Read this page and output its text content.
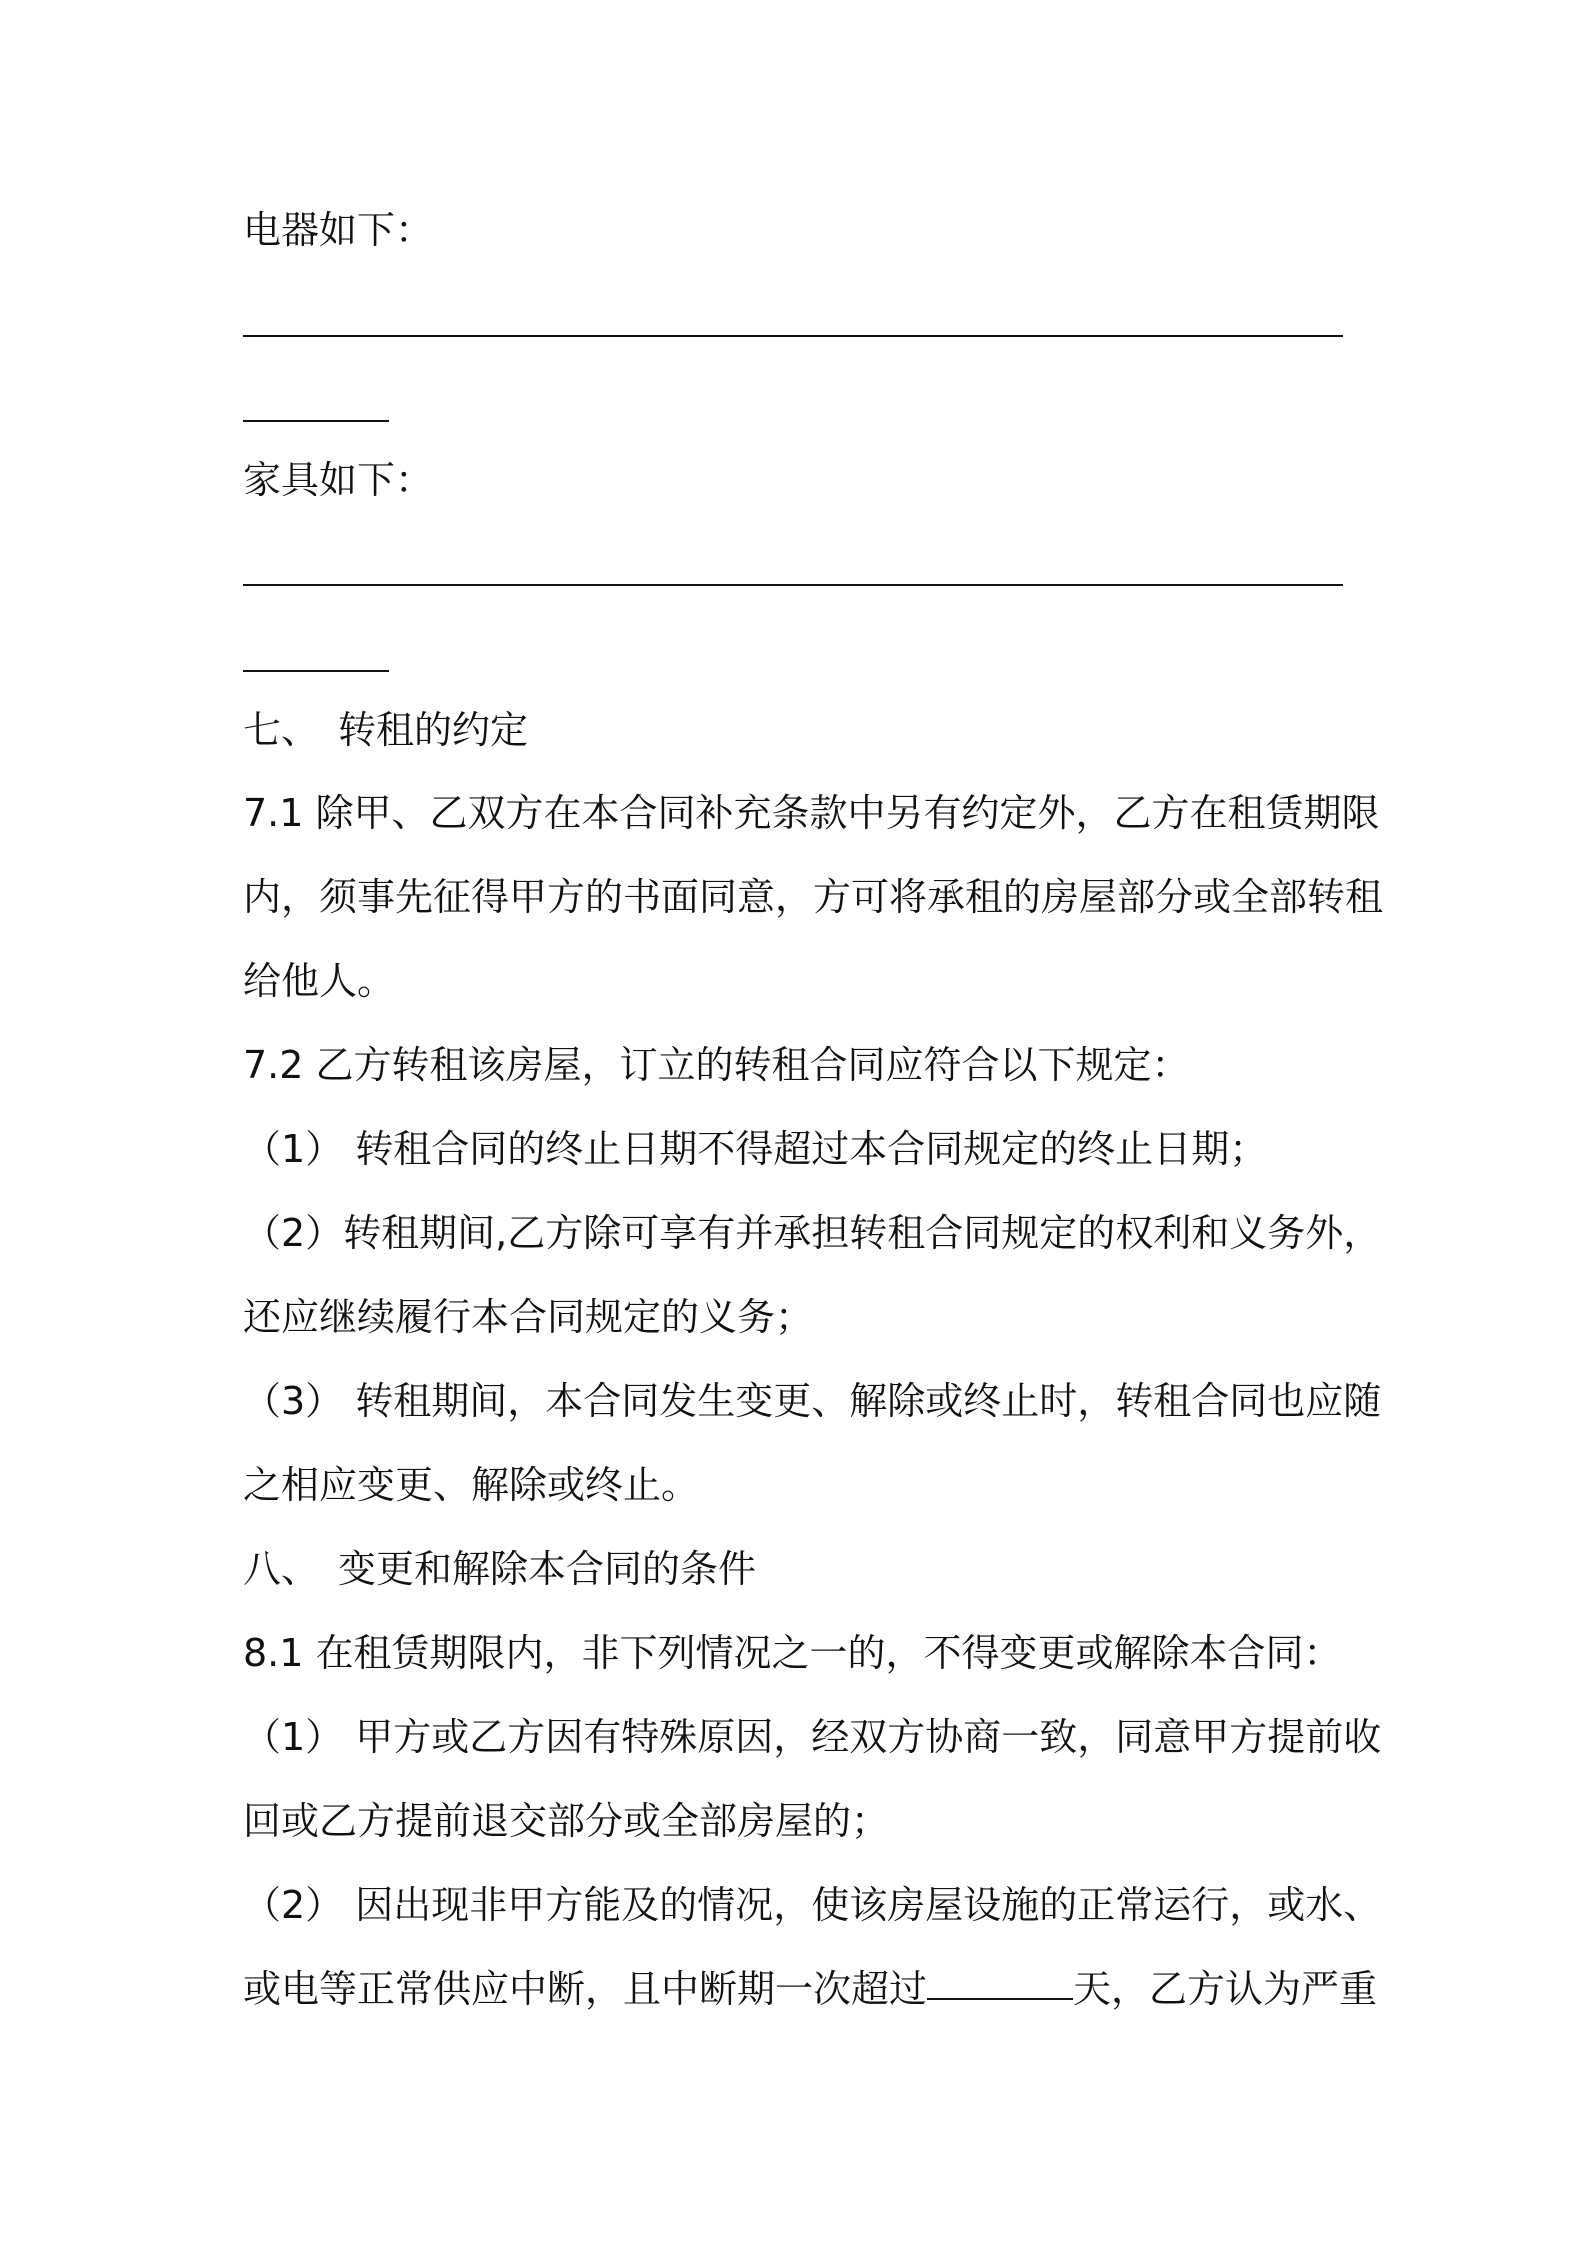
电器如下：
家具如下：
七、　转租的约定
7.1 除甲、乙双方在本合同补充条款中另有约定外，乙方在租赁期限
内，须事先征得甲方的书面同意，方可将承租的房屋部分或全部转租
给他人。
7.2 乙方转租该房屋，订立的转租合同应符合以下规定：
（1） 转租合同的终止日期不得超过本合同规定的终止日期；
（2）转租期间,乙方除可享有并承担转租合同规定的权利和义务外，
还应继续履行本合同规定的义务；
（3） 转租期间，本合同发生变更、解除或终止时，转租合同也应随
之相应变更、解除或终止。
八、　变更和解除本合同的条件
8.1 在租赁期限内，非下列情况之一的，不得变更或解除本合同：
（1） 甲方或乙方因有特殊原因，经双方协商一致，同意甲方提前收
回或乙方提前退交部分或全部房屋的；
（2） 因出现非甲方能及的情况，使该房屋设施的正常运行，或水、
或电等正常供应中断，且中断期一次超过	天，乙方认为严重
